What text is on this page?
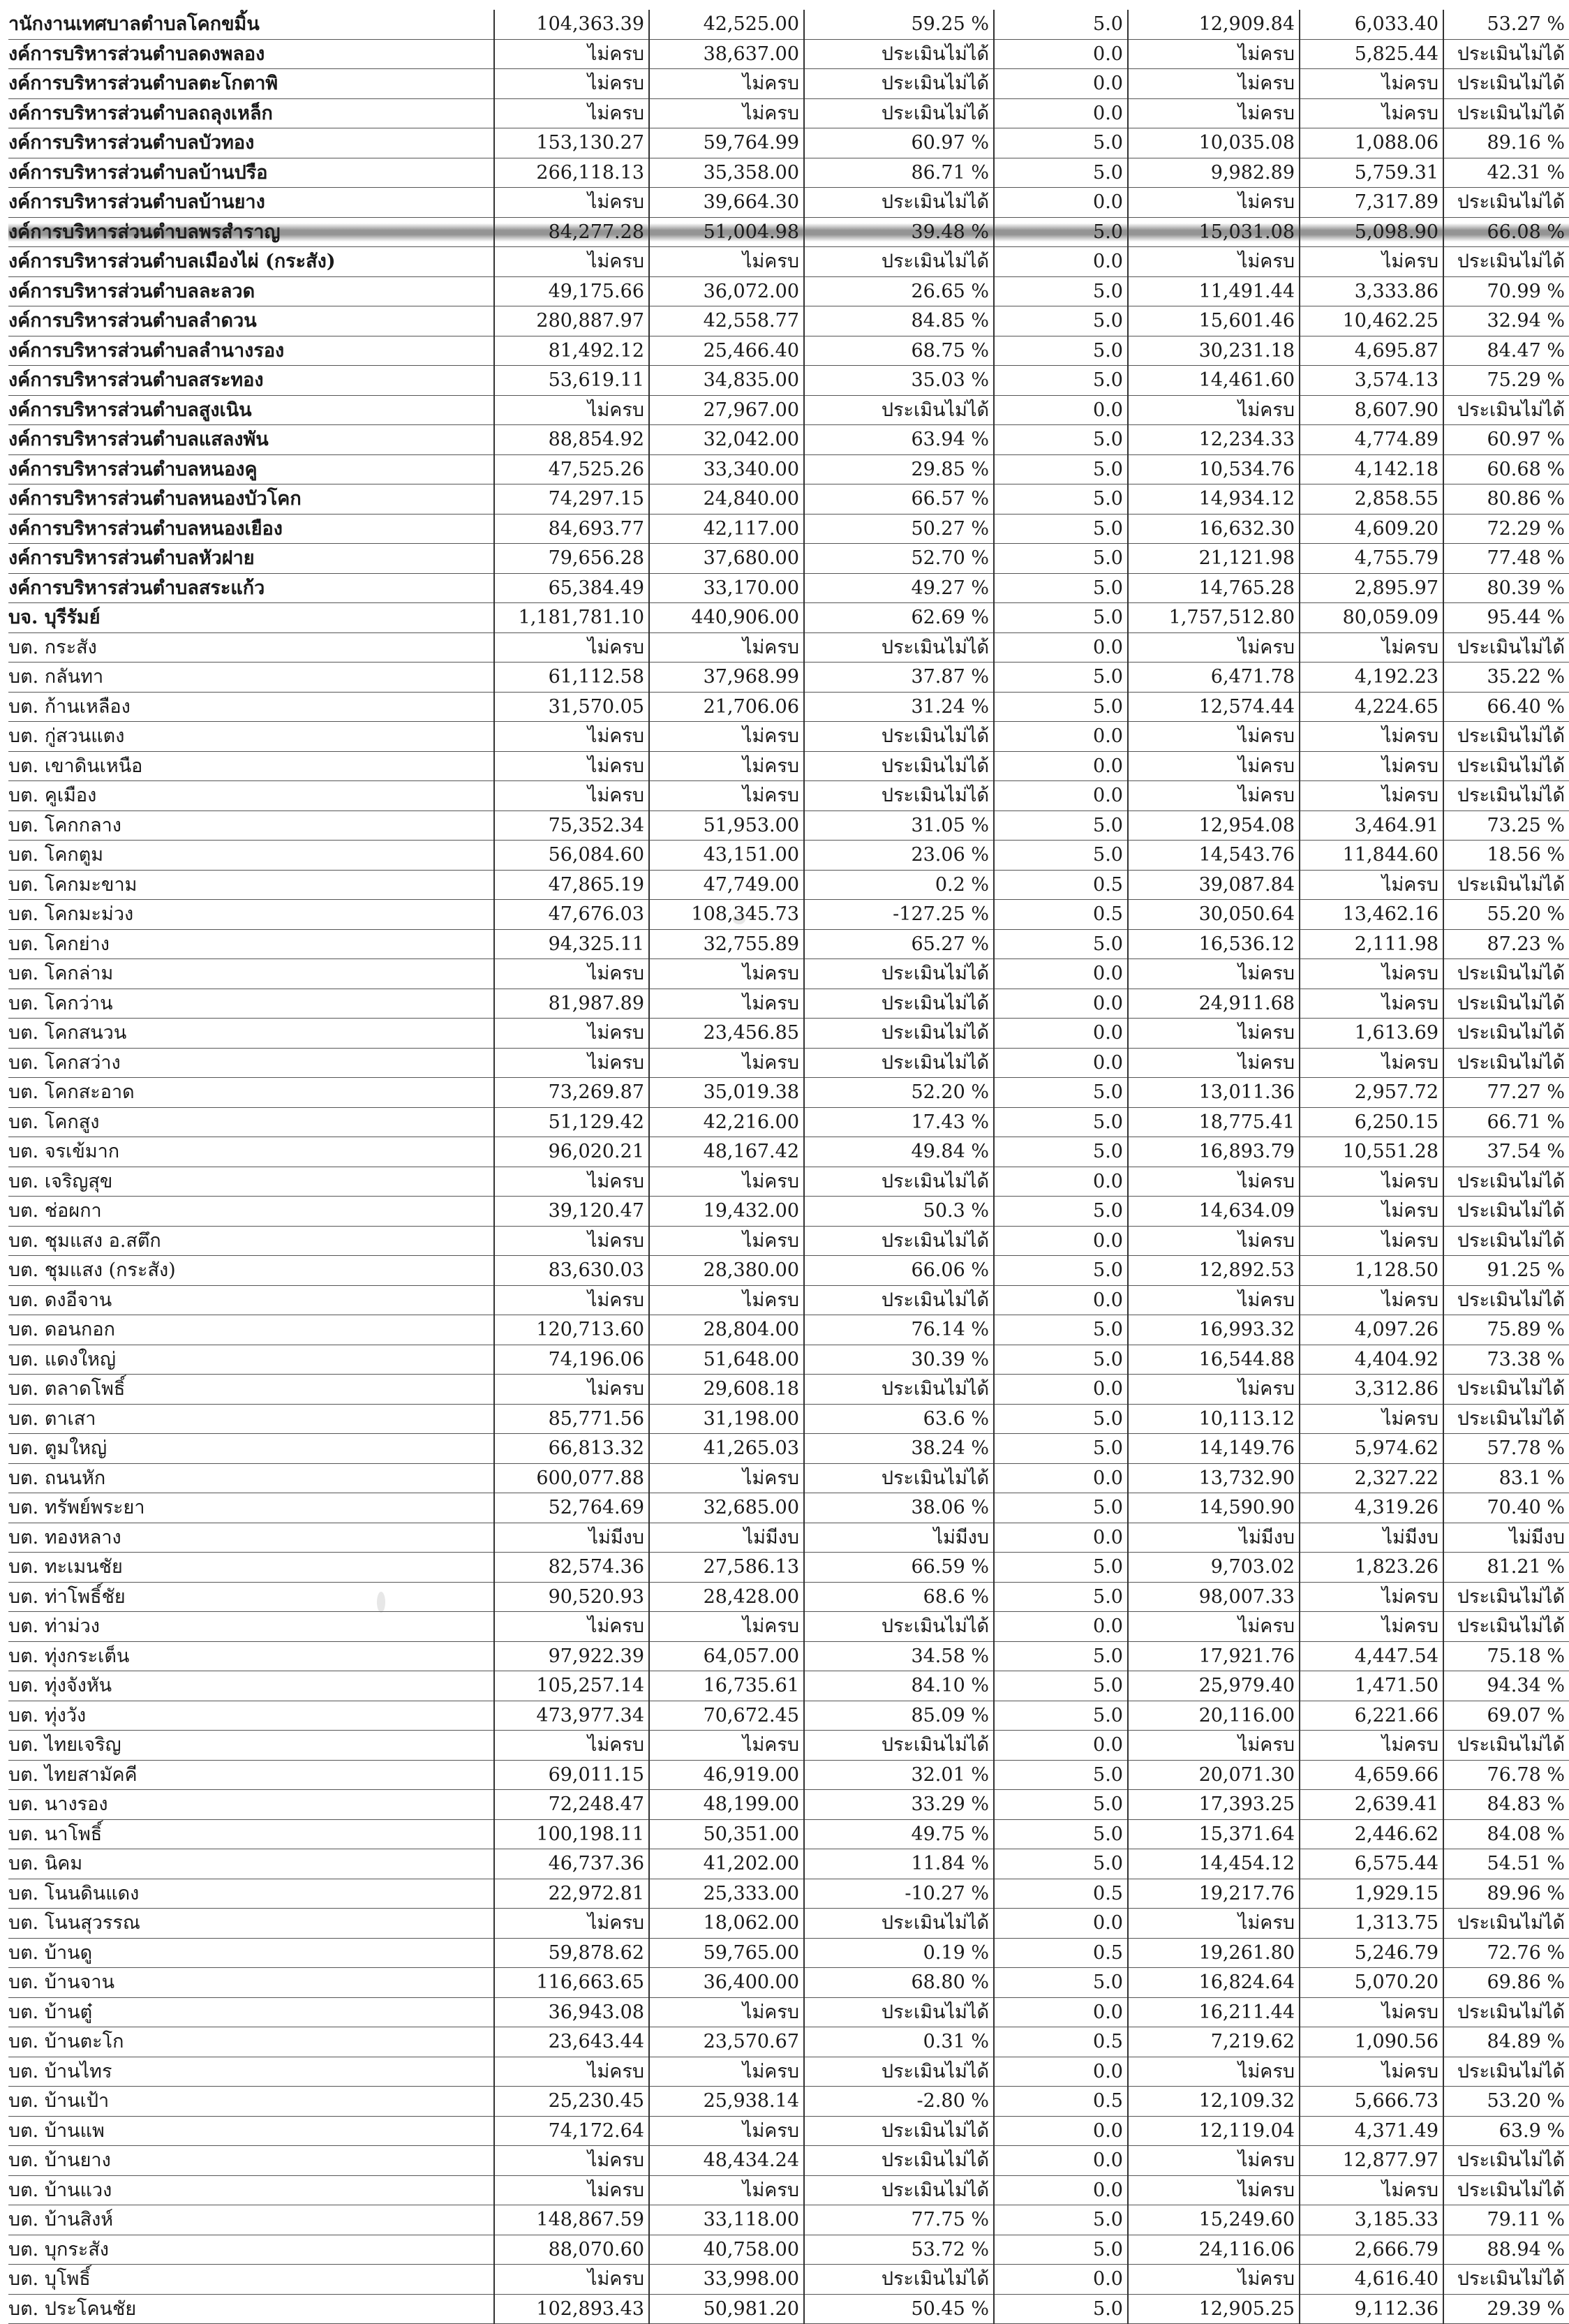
านักงานเทศบาลตำบลโคกขมิ้น	104,363.39	42,525.00	59.25 %	5.0	12,909.84	6,033.40	53.27 %
งค์การบริหารส่วนตำบลดงพลอง	ไม่ครบ	38,637.00	ประเมินไม่ได้	0.0	ไม่ครบ	5,825.44	ประเมินไม่ได้
งค์การบริหารส่วนตำบลตะโกตาพิ	ไม่ครบ	ไม่ครบ	ประเมินไม่ได้	0.0	ไม่ครบ	ไม่ครบ	ประเมินไม่ได้
งค์การบริหารส่วนตำบลถลุงเหล็ก	ไม่ครบ	ไม่ครบ	ประเมินไม่ได้	0.0	ไม่ครบ	ไม่ครบ	ประเมินไม่ได้
งค์การบริหารส่วนตำบลบัวทอง	153,130.27	59,764.99	60.97 %	5.0	10,035.08	1,088.06	89.16 %
งค์การบริหารส่วนตำบลบ้านปรือ	266,118.13	35,358.00	86.71 %	5.0	9,982.89	5,759.31	42.31 %
งค์การบริหารส่วนตำบลบ้านยาง	ไม่ครบ	39,664.30	ประเมินไม่ได้	0.0	ไม่ครบ	7,317.89	ประเมินไม่ได้
งค์การบริหารส่วนตำบลพรสำราญ	84,277.28	51,004.98	39.48 %	5.0	15,031.08	5,098.90	66.08 %
งค์การบริหารส่วนตำบลเมืองไผ่ (กระสัง)	ไม่ครบ	ไม่ครบ	ประเมินไม่ได้	0.0	ไม่ครบ	ไม่ครบ	ประเมินไม่ได้
งค์การบริหารส่วนตำบลละลวด	49,175.66	36,072.00	26.65 %	5.0	11,491.44	3,333.86	70.99 %
งค์การบริหารส่วนตำบลลำดวน	280,887.97	42,558.77	84.85 %	5.0	15,601.46	10,462.25	32.94 %
งค์การบริหารส่วนตำบลลำนางรอง	81,492.12	25,466.40	68.75 %	5.0	30,231.18	4,695.87	84.47 %
งค์การบริหารส่วนตำบลสระทอง	53,619.11	34,835.00	35.03 %	5.0	14,461.60	3,574.13	75.29 %
งค์การบริหารส่วนตำบลสูงเนิน	ไม่ครบ	27,967.00	ประเมินไม่ได้	0.0	ไม่ครบ	8,607.90	ประเมินไม่ได้
งค์การบริหารส่วนตำบลแสลงพัน	88,854.92	32,042.00	63.94 %	5.0	12,234.33	4,774.89	60.97 %
งค์การบริหารส่วนตำบลหนองคู	47,525.26	33,340.00	29.85 %	5.0	10,534.76	4,142.18	60.68 %
งค์การบริหารส่วนตำบลหนองบัวโคก	74,297.15	24,840.00	66.57 %	5.0	14,934.12	2,858.55	80.86 %
งค์การบริหารส่วนตำบลหนองเยือง	84,693.77	42,117.00	50.27 %	5.0	16,632.30	4,609.20	72.29 %
งค์การบริหารส่วนตำบลหัวฝาย	79,656.28	37,680.00	52.70 %	5.0	21,121.98	4,755.79	77.48 %
งค์การบริหารส่วนตำบลสระแก้ว	65,384.49	33,170.00	49.27 %	5.0	14,765.28	2,895.97	80.39 %
บจ. บุรีรัมย์	1,181,781.10	440,906.00	62.69 %	5.0	1,757,512.80	80,059.09	95.44 %
บต. กระสัง	ไม่ครบ	ไม่ครบ	ประเมินไม่ได้	0.0	ไม่ครบ	ไม่ครบ	ประเมินไม่ได้
บต. กลันทา	61,112.58	37,968.99	37.87 %	5.0	6,471.78	4,192.23	35.22 %
บต. ก้านเหลือง	31,570.05	21,706.06	31.24 %	5.0	12,574.44	4,224.65	66.40 %
บต. กู่สวนแตง	ไม่ครบ	ไม่ครบ	ประเมินไม่ได้	0.0	ไม่ครบ	ไม่ครบ	ประเมินไม่ได้
บต. เขาดินเหนือ	ไม่ครบ	ไม่ครบ	ประเมินไม่ได้	0.0	ไม่ครบ	ไม่ครบ	ประเมินไม่ได้
บต. คูเมือง	ไม่ครบ	ไม่ครบ	ประเมินไม่ได้	0.0	ไม่ครบ	ไม่ครบ	ประเมินไม่ได้
บต. โคกกลาง	75,352.34	51,953.00	31.05 %	5.0	12,954.08	3,464.91	73.25 %
บต. โคกตูม	56,084.60	43,151.00	23.06 %	5.0	14,543.76	11,844.60	18.56 %
บต. โคกมะขาม	47,865.19	47,749.00	0.2 %	0.5	39,087.84	ไม่ครบ	ประเมินไม่ได้
บต. โคกมะม่วง	47,676.03	108,345.73	-127.25 %	0.5	30,050.64	13,462.16	55.20 %
บต. โคกย่าง	94,325.11	32,755.89	65.27 %	5.0	16,536.12	2,111.98	87.23 %
บต. โคกล่าม	ไม่ครบ	ไม่ครบ	ประเมินไม่ได้	0.0	ไม่ครบ	ไม่ครบ	ประเมินไม่ได้
บต. โคกว่าน	81,987.89	ไม่ครบ	ประเมินไม่ได้	0.0	24,911.68	ไม่ครบ	ประเมินไม่ได้
บต. โคกสนวน	ไม่ครบ	23,456.85	ประเมินไม่ได้	0.0	ไม่ครบ	1,613.69	ประเมินไม่ได้
บต. โคกสว่าง	ไม่ครบ	ไม่ครบ	ประเมินไม่ได้	0.0	ไม่ครบ	ไม่ครบ	ประเมินไม่ได้
บต. โคกสะอาด	73,269.87	35,019.38	52.20 %	5.0	13,011.36	2,957.72	77.27 %
บต. โคกสูง	51,129.42	42,216.00	17.43 %	5.0	18,775.41	6,250.15	66.71 %
บต. จรเข้มาก	96,020.21	48,167.42	49.84 %	5.0	16,893.79	10,551.28	37.54 %
บต. เจริญสุข	ไม่ครบ	ไม่ครบ	ประเมินไม่ได้	0.0	ไม่ครบ	ไม่ครบ	ประเมินไม่ได้
บต. ช่อผกา	39,120.47	19,432.00	50.3 %	5.0	14,634.09	ไม่ครบ	ประเมินไม่ได้
บต. ชุมแสง อ.สตึก	ไม่ครบ	ไม่ครบ	ประเมินไม่ได้	0.0	ไม่ครบ	ไม่ครบ	ประเมินไม่ได้
บต. ชุมแสง (กระสัง)	83,630.03	28,380.00	66.06 %	5.0	12,892.53	1,128.50	91.25 %
บต. ดงอีจาน	ไม่ครบ	ไม่ครบ	ประเมินไม่ได้	0.0	ไม่ครบ	ไม่ครบ	ประเมินไม่ได้
บต. ดอนกอก	120,713.60	28,804.00	76.14 %	5.0	16,993.32	4,097.26	75.89 %
บต. แดงใหญ่	74,196.06	51,648.00	30.39 %	5.0	16,544.88	4,404.92	73.38 %
บต. ตลาดโพธิ์	ไม่ครบ	29,608.18	ประเมินไม่ได้	0.0	ไม่ครบ	3,312.86	ประเมินไม่ได้
บต. ตาเสา	85,771.56	31,198.00	63.6 %	5.0	10,113.12	ไม่ครบ	ประเมินไม่ได้
บต. ตูมใหญ่	66,813.32	41,265.03	38.24 %	5.0	14,149.76	5,974.62	57.78 %
บต. ถนนหัก	600,077.88	ไม่ครบ	ประเมินไม่ได้	0.0	13,732.90	2,327.22	83.1 %
บต. ทรัพย์พระยา	52,764.69	32,685.00	38.06 %	5.0	14,590.90	4,319.26	70.40 %
บต. ทองหลาง	ไม่มีงบ	ไม่มีงบ	ไม่มีงบ	0.0	ไม่มีงบ	ไม่มีงบ	ไม่มีงบ
บต. ทะเมนชัย	82,574.36	27,586.13	66.59 %	5.0	9,703.02	1,823.26	81.21 %
บต. ท่าโพธิ์ชัย	90,520.93	28,428.00	68.6 %	5.0	98,007.33	ไม่ครบ	ประเมินไม่ได้
บต. ท่าม่วง	ไม่ครบ	ไม่ครบ	ประเมินไม่ได้	0.0	ไม่ครบ	ไม่ครบ	ประเมินไม่ได้
บต. ทุ่งกระเต็น	97,922.39	64,057.00	34.58 %	5.0	17,921.76	4,447.54	75.18 %
บต. ทุ่งจังหัน	105,257.14	16,735.61	84.10 %	5.0	25,979.40	1,471.50	94.34 %
บต. ทุ่งวัง	473,977.34	70,672.45	85.09 %	5.0	20,116.00	6,221.66	69.07 %
บต. ไทยเจริญ	ไม่ครบ	ไม่ครบ	ประเมินไม่ได้	0.0	ไม่ครบ	ไม่ครบ	ประเมินไม่ได้
บต. ไทยสามัคคี	69,011.15	46,919.00	32.01 %	5.0	20,071.30	4,659.66	76.78 %
บต. นางรอง	72,248.47	48,199.00	33.29 %	5.0	17,393.25	2,639.41	84.83 %
บต. นาโพธิ์	100,198.11	50,351.00	49.75 %	5.0	15,371.64	2,446.62	84.08 %
บต. นิคม	46,737.36	41,202.00	11.84 %	5.0	14,454.12	6,575.44	54.51 %
บต. โนนดินแดง	22,972.81	25,333.00	-10.27 %	0.5	19,217.76	1,929.15	89.96 %
บต. โนนสุวรรณ	ไม่ครบ	18,062.00	ประเมินไม่ได้	0.0	ไม่ครบ	1,313.75	ประเมินไม่ได้
บต. บ้านดู	59,878.62	59,765.00	0.19 %	0.5	19,261.80	5,246.79	72.76 %
บต. บ้านจาน	116,663.65	36,400.00	68.80 %	5.0	16,824.64	5,070.20	69.86 %
บต. บ้านตู๋	36,943.08	ไม่ครบ	ประเมินไม่ได้	0.0	16,211.44	ไม่ครบ	ประเมินไม่ได้
บต. บ้านตะโก	23,643.44	23,570.67	0.31 %	0.5	7,219.62	1,090.56	84.89 %
บต. บ้านไทร	ไม่ครบ	ไม่ครบ	ประเมินไม่ได้	0.0	ไม่ครบ	ไม่ครบ	ประเมินไม่ได้
บต. บ้านเป้า	25,230.45	25,938.14	-2.80 %	0.5	12,109.32	5,666.73	53.20 %
บต. บ้านแพ	74,172.64	ไม่ครบ	ประเมินไม่ได้	0.0	12,119.04	4,371.49	63.9 %
บต. บ้านยาง	ไม่ครบ	48,434.24	ประเมินไม่ได้	0.0	ไม่ครบ	12,877.97	ประเมินไม่ได้
บต. บ้านแวง	ไม่ครบ	ไม่ครบ	ประเมินไม่ได้	0.0	ไม่ครบ	ไม่ครบ	ประเมินไม่ได้
บต. บ้านสิงห์	148,867.59	33,118.00	77.75 %	5.0	15,249.60	3,185.33	79.11 %
บต. บุกระสัง	88,070.60	40,758.00	53.72 %	5.0	24,116.06	2,666.79	88.94 %
บต. บุโพธิ์	ไม่ครบ	33,998.00	ประเมินไม่ได้	0.0	ไม่ครบ	4,616.40	ประเมินไม่ได้
บต. ประโคนชัย	102,893.43	50,981.20	50.45 %	5.0	12,905.25	9,112.36	29.39 %
